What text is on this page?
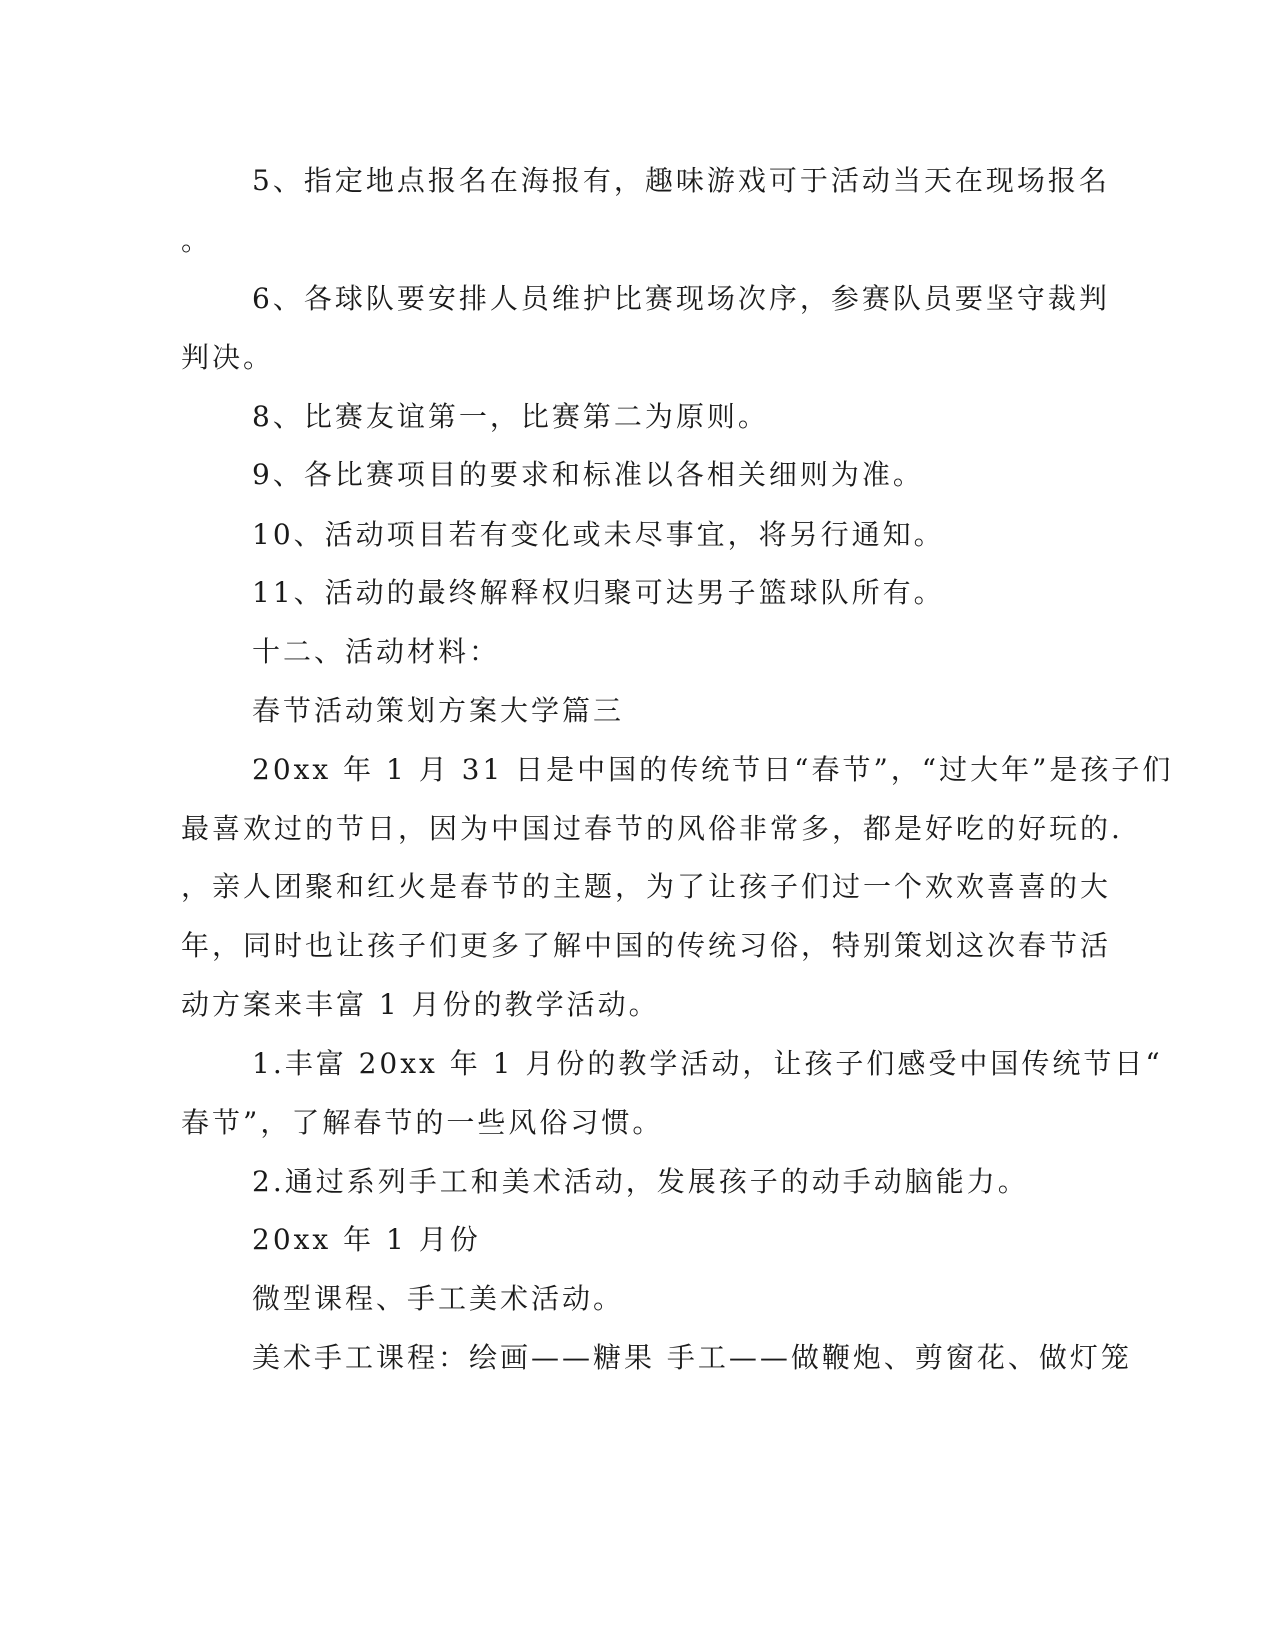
5、指定地点报名在海报有，趣味游戏可于活动当天在现场报名

。

6、各球队要安排人员维护比赛现场次序，参赛队员要坚守裁判

判决。

8、比赛友谊第一，比赛第二为原则。

9、各比赛项目的要求和标准以各相关细则为准。

10、活动项目若有变化或未尽事宜，将另行通知。

11、活动的最终解释权归聚可达男子篮球队所有。

十二、活动材料：

春节活动策划方案大学篇三

20xx 年 1 月 31 日是中国的传统节日“春节”，“过大年”是孩子们

最喜欢过的节日，因为中国过春节的风俗非常多，都是好吃的好玩的.

，亲人团聚和红火是春节的主题，为了让孩子们过一个欢欢喜喜的大

年，同时也让孩子们更多了解中国的传统习俗，特别策划这次春节活

动方案来丰富 1 月份的教学活动。

1.丰富 20xx 年 1 月份的教学活动，让孩子们感受中国传统节日“

春节”，了解春节的一些风俗习惯。

2.通过系列手工和美术活动，发展孩子的动手动脑能力。

20xx 年 1 月份

微型课程、手工美术活动。

美术手工课程：绘画——糖果 手工——做鞭炮、剪窗花、做灯笼
